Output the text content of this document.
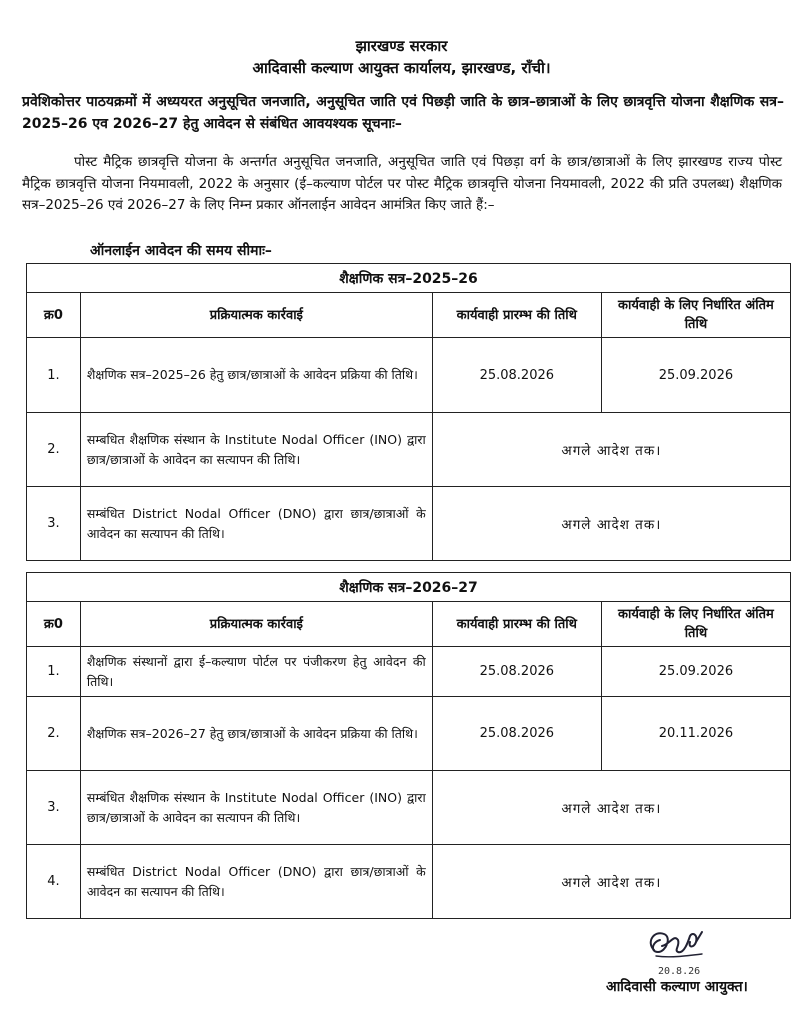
झारखण्ड सरकार
आदिवासी कल्याण आयुक्त कार्यालय, झारखण्ड, राँची।
प्रवेशिकोत्तर पाठयक्रमों में अध्ययरत अनुसूचित जनजाति, अनुसूचित जाति एवं पिछड़ी जाति के छात्र–छात्राओं के लिए छात्रवृत्ति योजना शैक्षणिक सत्र–2025–26 एव 2026–27 हेतु आवेदन से संबंधित आवयश्यक सूचनाः–
पोस्ट मैट्रिक छात्रवृत्ति योजना के अन्तर्गत अनुसूचित जनजाति, अनुसूचित जाति एवं पिछड़ा वर्ग के छात्र/छात्राओं के लिए झारखण्ड राज्य पोस्ट मैट्रिक छात्रवृत्ति योजना नियमावली, 2022 के अनुसार (ई–कल्याण पोर्टल पर पोस्ट मैट्रिक छात्रवृत्ति योजना नियमावली, 2022 की प्रति उपलब्ध) शैक्षणिक सत्र–2025–26 एवं 2026–27 के लिए निम्न प्रकार ऑनलाईन आवेदन आमंत्रित किए जाते हैं:–
ऑनलाईन आवेदन की समय सीमाः–
शैक्षणिक सत्र–2025–26			
क्र0	प्रक्रियात्मक कार्रवाई	कार्यवाही प्रारम्भ की तिथि	कार्यवाही के लिए निर्धारित अंतिम तिथि
1.	शैक्षणिक सत्र–2025–26 हेतु छात्र/छात्राओं के आवेदन प्रक्रिया की तिथि।	25.08.2026	25.09.2026
2.	सम्बधित शैक्षणिक संस्थान के Institute Nodal Officer (INO) द्वारा छात्र/छात्राओं के आवेदन का सत्यापन की तिथि।	अगले आदेश तक।	
3.	सम्बंधित District Nodal Officer (DNO) द्वारा छात्र/छात्राओं के आवेदन का सत्यापन की तिथि।	अगले आदेश तक।	
शैक्षणिक सत्र–2026–27			
क्र0	प्रक्रियात्मक कार्रवाई	कार्यवाही प्रारम्भ की तिथि	कार्यवाही के लिए निर्धारित अंतिम तिथि
1.	शैक्षणिक संस्थानों द्वारा ई–कल्याण पोर्टल पर पंजीकरण हेतु आवेदन की तिथि।	25.08.2026	25.09.2026
2.	शैक्षणिक सत्र–2026–27 हेतु छात्र/छात्राओं के आवेदन प्रक्रिया की तिथि।	25.08.2026	20.11.2026
3.	सम्बंधित शैक्षणिक संस्थान के Institute Nodal Officer (INO) द्वारा छात्र/छात्राओं के आवेदन का सत्यापन की तिथि।	अगले आदेश तक।	
4.	सम्बंधित District Nodal Officer (DNO) द्वारा छात्र/छात्राओं के आवेदन का सत्यापन की तिथि।	अगले आदेश तक।	
20.8.26
आदिवासी कल्याण आयुक्त।
